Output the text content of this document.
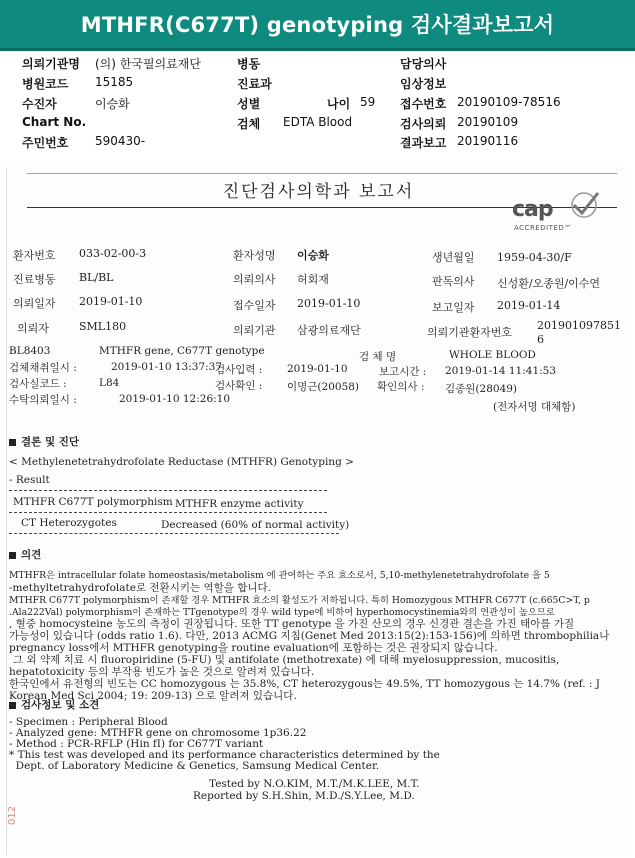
MTHFR(C677T) genotyping 검사결과보고서
의뢰기관명 (의) 한국필의료재단	병동	담당의사
병원코드 15185	진료과	임상정보
수진자	이승화	성별	나이 59 접수번호 20190109-78516
Chart No.	검체 EDTA Blood	검사의뢰 20190109
주민번호 590430-	결과보고 20190116
진단검사의학과 보고서
cap
ACCREDITED™
환자번호 033-02-00-3	환자성명 이승화	생년월일 1959-04-30/F
진료병동 BL/BL	의뢰의사 허회재	판독의사 신성환/오종원/이수연
의뢰일자 2019-01-10	접수일자 2019-01-10	보고일자 2019-01-14
의뢰자	SML180	의뢰기관 삼광의료재단	의뢰기관환자번호
201901097851
6
BL8403	MTHFR gene, C677T genotype	검 체 명	WHOLE BLOOD
검체채취일시 :	2019-01-10 13:37:37
검사입력 : 2019-01-10	보고시간 : 2019-01-14 11:41:53
검사실코드 :	L84	검사확인 : 이명근(20058) 확인의사 : 김종원(28049)
수탁의뢰일시 :	2019-01-10 12:26:10
(전자서명 대체함)
결론 및 진단
< Methylenetetrahydrofolate Reductase (MTHFR) Genotyping >
- Result
MTHFR C677T polymorphism MTHFR enzyme activity
CT Heterozygotes	Decreased (60% of normal activity)
의견
MTHFR은 intracellular folate homeostasis/metabolism 에 관여하는 주요 효소로서, 5,10-methylenetetrahydrofolate 을 5
-methyltetrahydrofolate로 전환시키는 역할을 합니다.
MTHFR C677T polymorphism이 존재할 경우 MTHFR 효소의 활성도가 저하됩니다. 특히 Homozygous MTHFR C677T (c.665C>T, p
.Ala222Val) polymorphism이 존재하는 TTgenotype의 경우 wild type에 비하여 hyperhomocystinemia와의 연관성이 높으므로
, 혈중 homocysteine 농도의 측정이 권장됩니다. 또한 TT genotype 을 가진 산모의 경우 신경관 결손을 가진 태아를 가질
가능성이 있습니다 (odds ratio 1.6). 다만, 2013 ACMG 지침(Genet Med 2013:15(2):153-156)에 의하면 thrombophilia나
pregnancy loss에서 MTHFR genotyping을 routine evaluation에 포함하는 것은 권장되지 않습니다.
그 외 약제 치료 시 fluoropiridine (5-FU) 및 antifolate (methotrexate) 에 대해 myelosuppression, mucositis,
hepatotoxicity 등의 부작용 빈도가 높은 것으로 알려져 있습니다.
한국인에서 유전형의 빈도는 CC homozygous 는 35.8%, CT heterozygous는 49.5%, TT homozygous 는 14.7% (ref. : J
Korean Med Sci 2004; 19: 209-13) 으로 알려져 있습니다.
검사정보 및 소견
- Specimen : Peripheral Blood
- Analyzed gene: MTHFR gene on chromosome 1p36.22
- Method : PCR-RFLP (Hin fI) for C677T variant
* This test was developed and its performance characteristics determined by the
Dept. of Laboratory Medicine & Genetics, Samsung Medical Center.
Tested by N.O.KIM, M.T./M.K.LEE, M.T.
Reported by S.H.Shin, M.D./S.Y.Lee, M.D.
012
